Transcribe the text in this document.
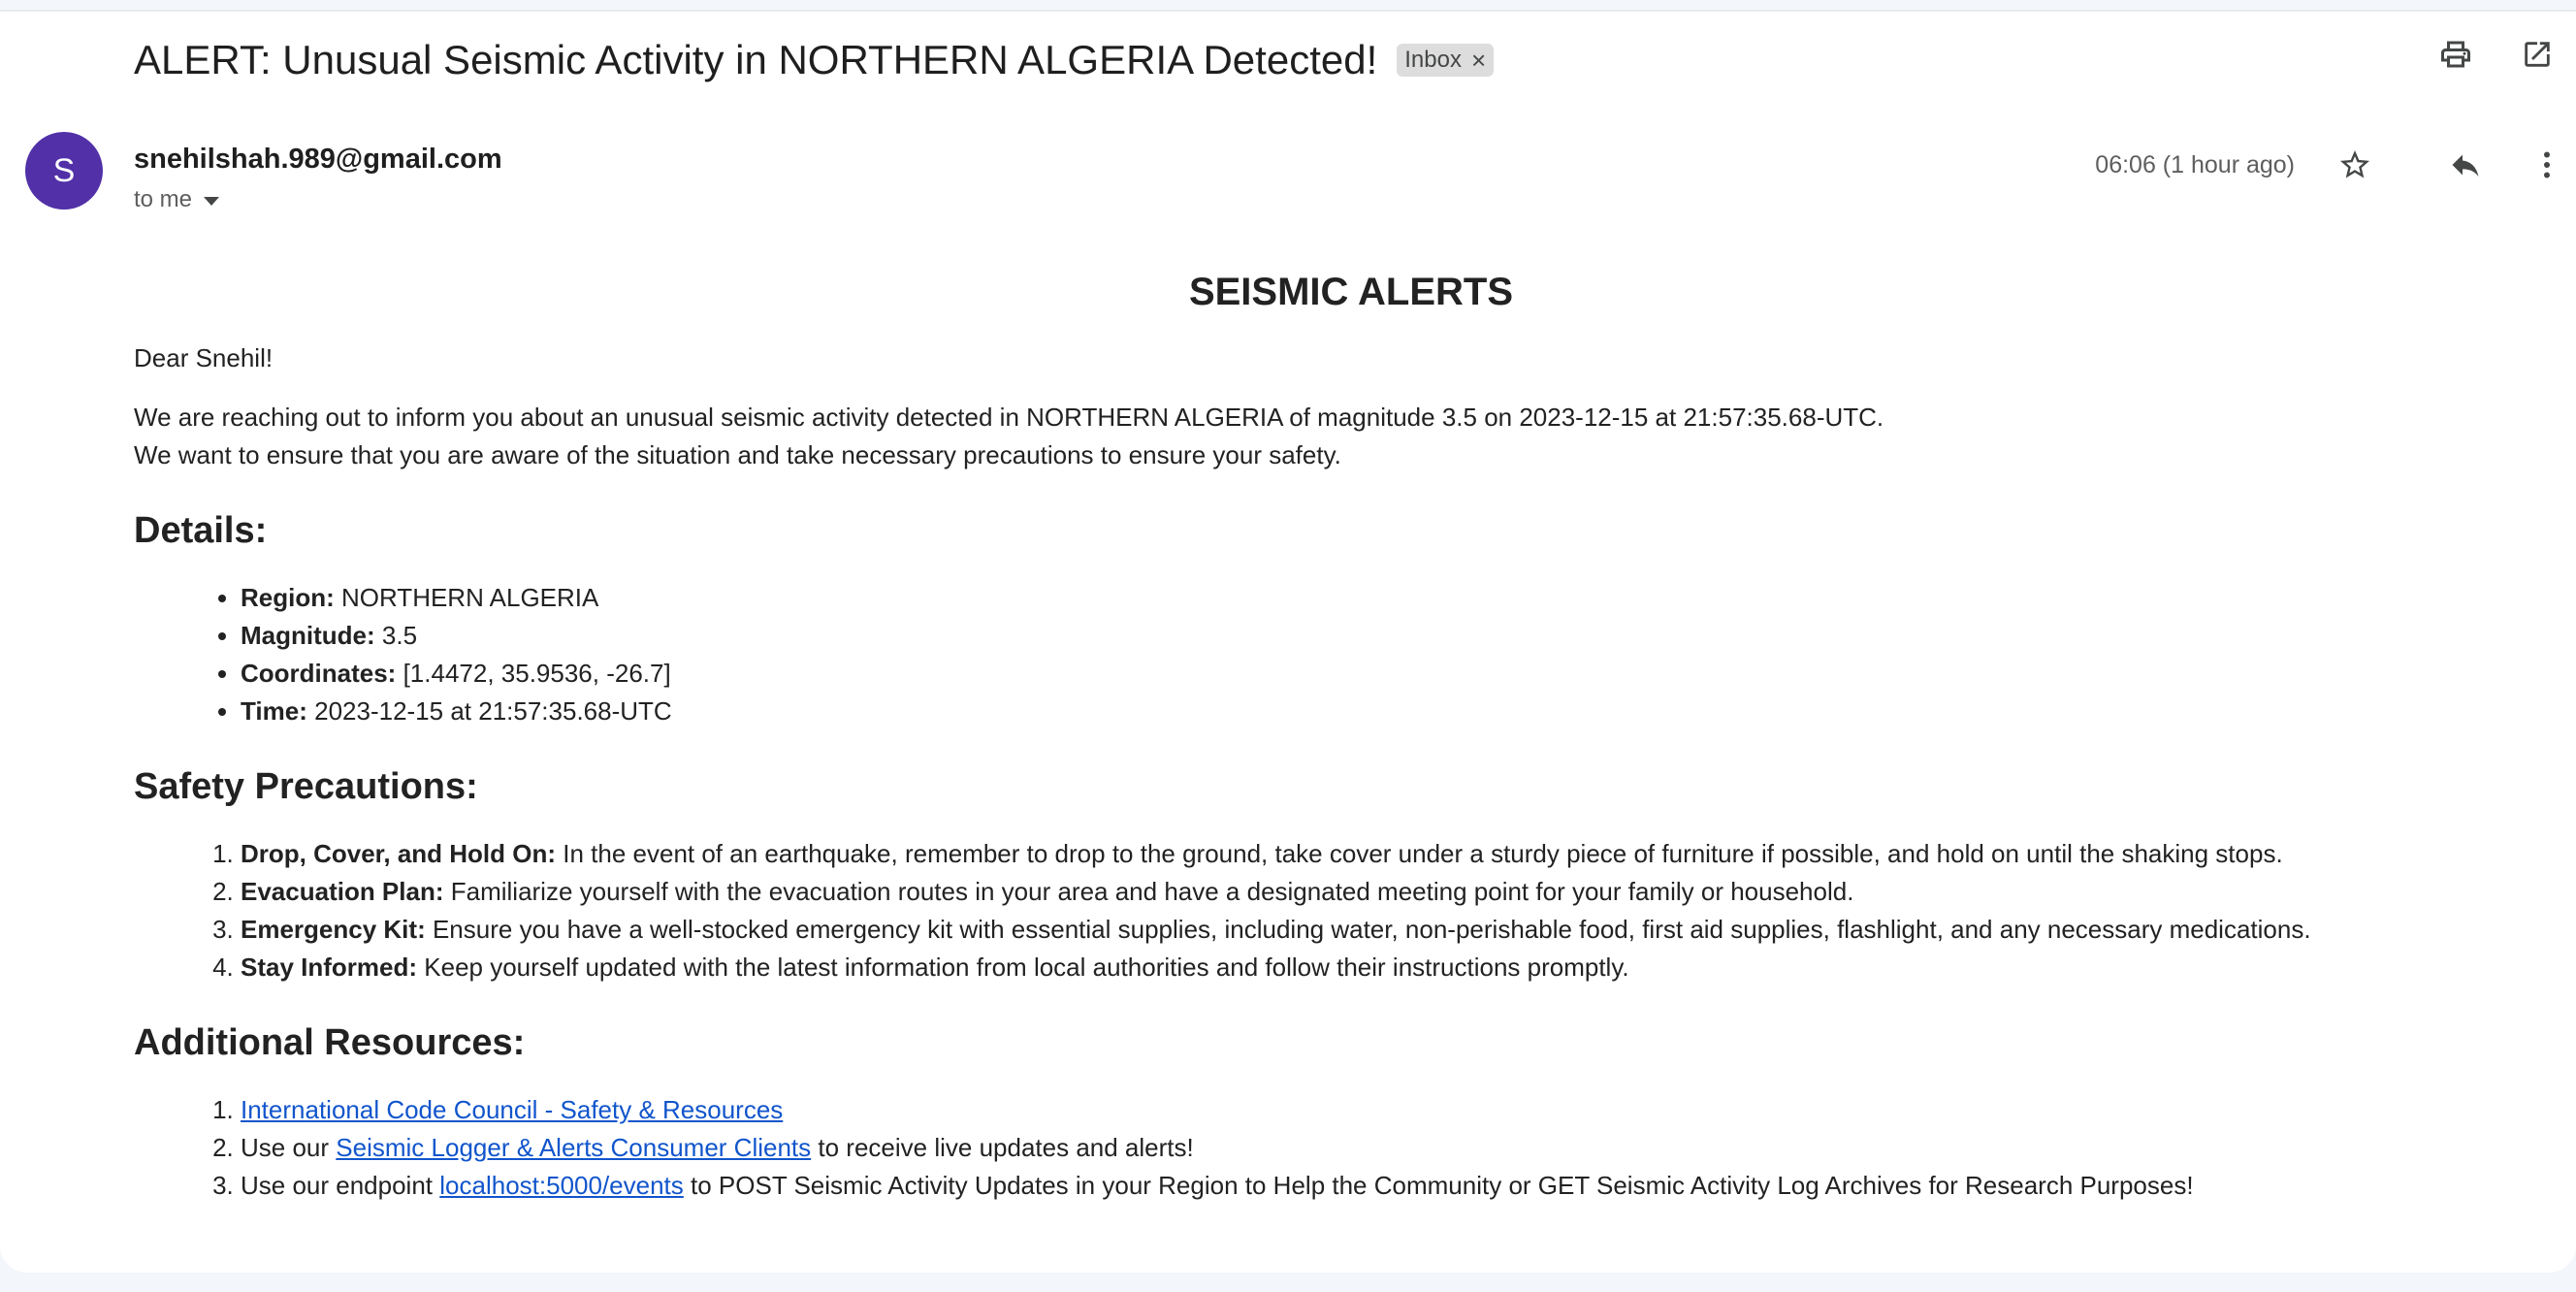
ALERT: Unusual Seismic Activity in NORTHERN ALGERIA Detected! Inbox ×
S	snehilshah.989@gmail.com
to me
06:06 (1 hour ago)
SEISMIC ALERTS
Dear Snehil!
We are reaching out to inform you about an unusual seismic activity detected in NORTHERN ALGERIA of magnitude 3.5 on 2023-12-15 at 21:57:35.68-UTC.
We want to ensure that you are aware of the situation and take necessary precautions to ensure your safety.
Details:
• Region: NORTHERN ALGERIA
• Magnitude: 3.5
• Coordinates: [1.4472, 35.9536, -26.7]
• Time: 2023-12-15 at 21:57:35.68-UTC
Safety Precautions:
1. Drop, Cover, and Hold On: In the event of an earthquake, remember to drop to the ground, take cover under a sturdy piece of furniture if possible, and hold on until the shaking stops.
2. Evacuation Plan: Familiarize yourself with the evacuation routes in your area and have a designated meeting point for your family or household.
3. Emergency Kit: Ensure you have a well-stocked emergency kit with essential supplies, including water, non-perishable food, first aid supplies, flashlight, and any necessary medications.
4. Stay Informed: Keep yourself updated with the latest information from local authorities and follow their instructions promptly.
Additional Resources:
1. International Code Council - Safety & Resources
2. Use our Seismic Logger & Alerts Consumer Clients to receive live updates and alerts!
3. Use our endpoint localhost:5000/events to POST Seismic Activity Updates in your Region to Help the Community or GET Seismic Activity Log Archives for Research Purposes!
